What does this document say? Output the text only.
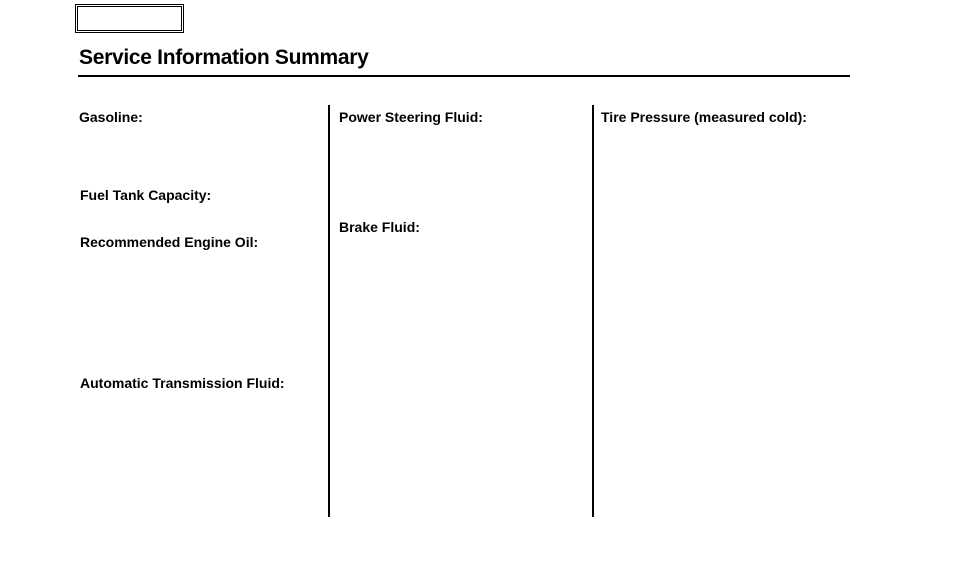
Service Information Summary
Gasoline:
Fuel Tank Capacity:
Recommended Engine Oil:
Automatic Transmission Fluid:
Power Steering Fluid:
Brake Fluid:
Tire Pressure (measured cold):
